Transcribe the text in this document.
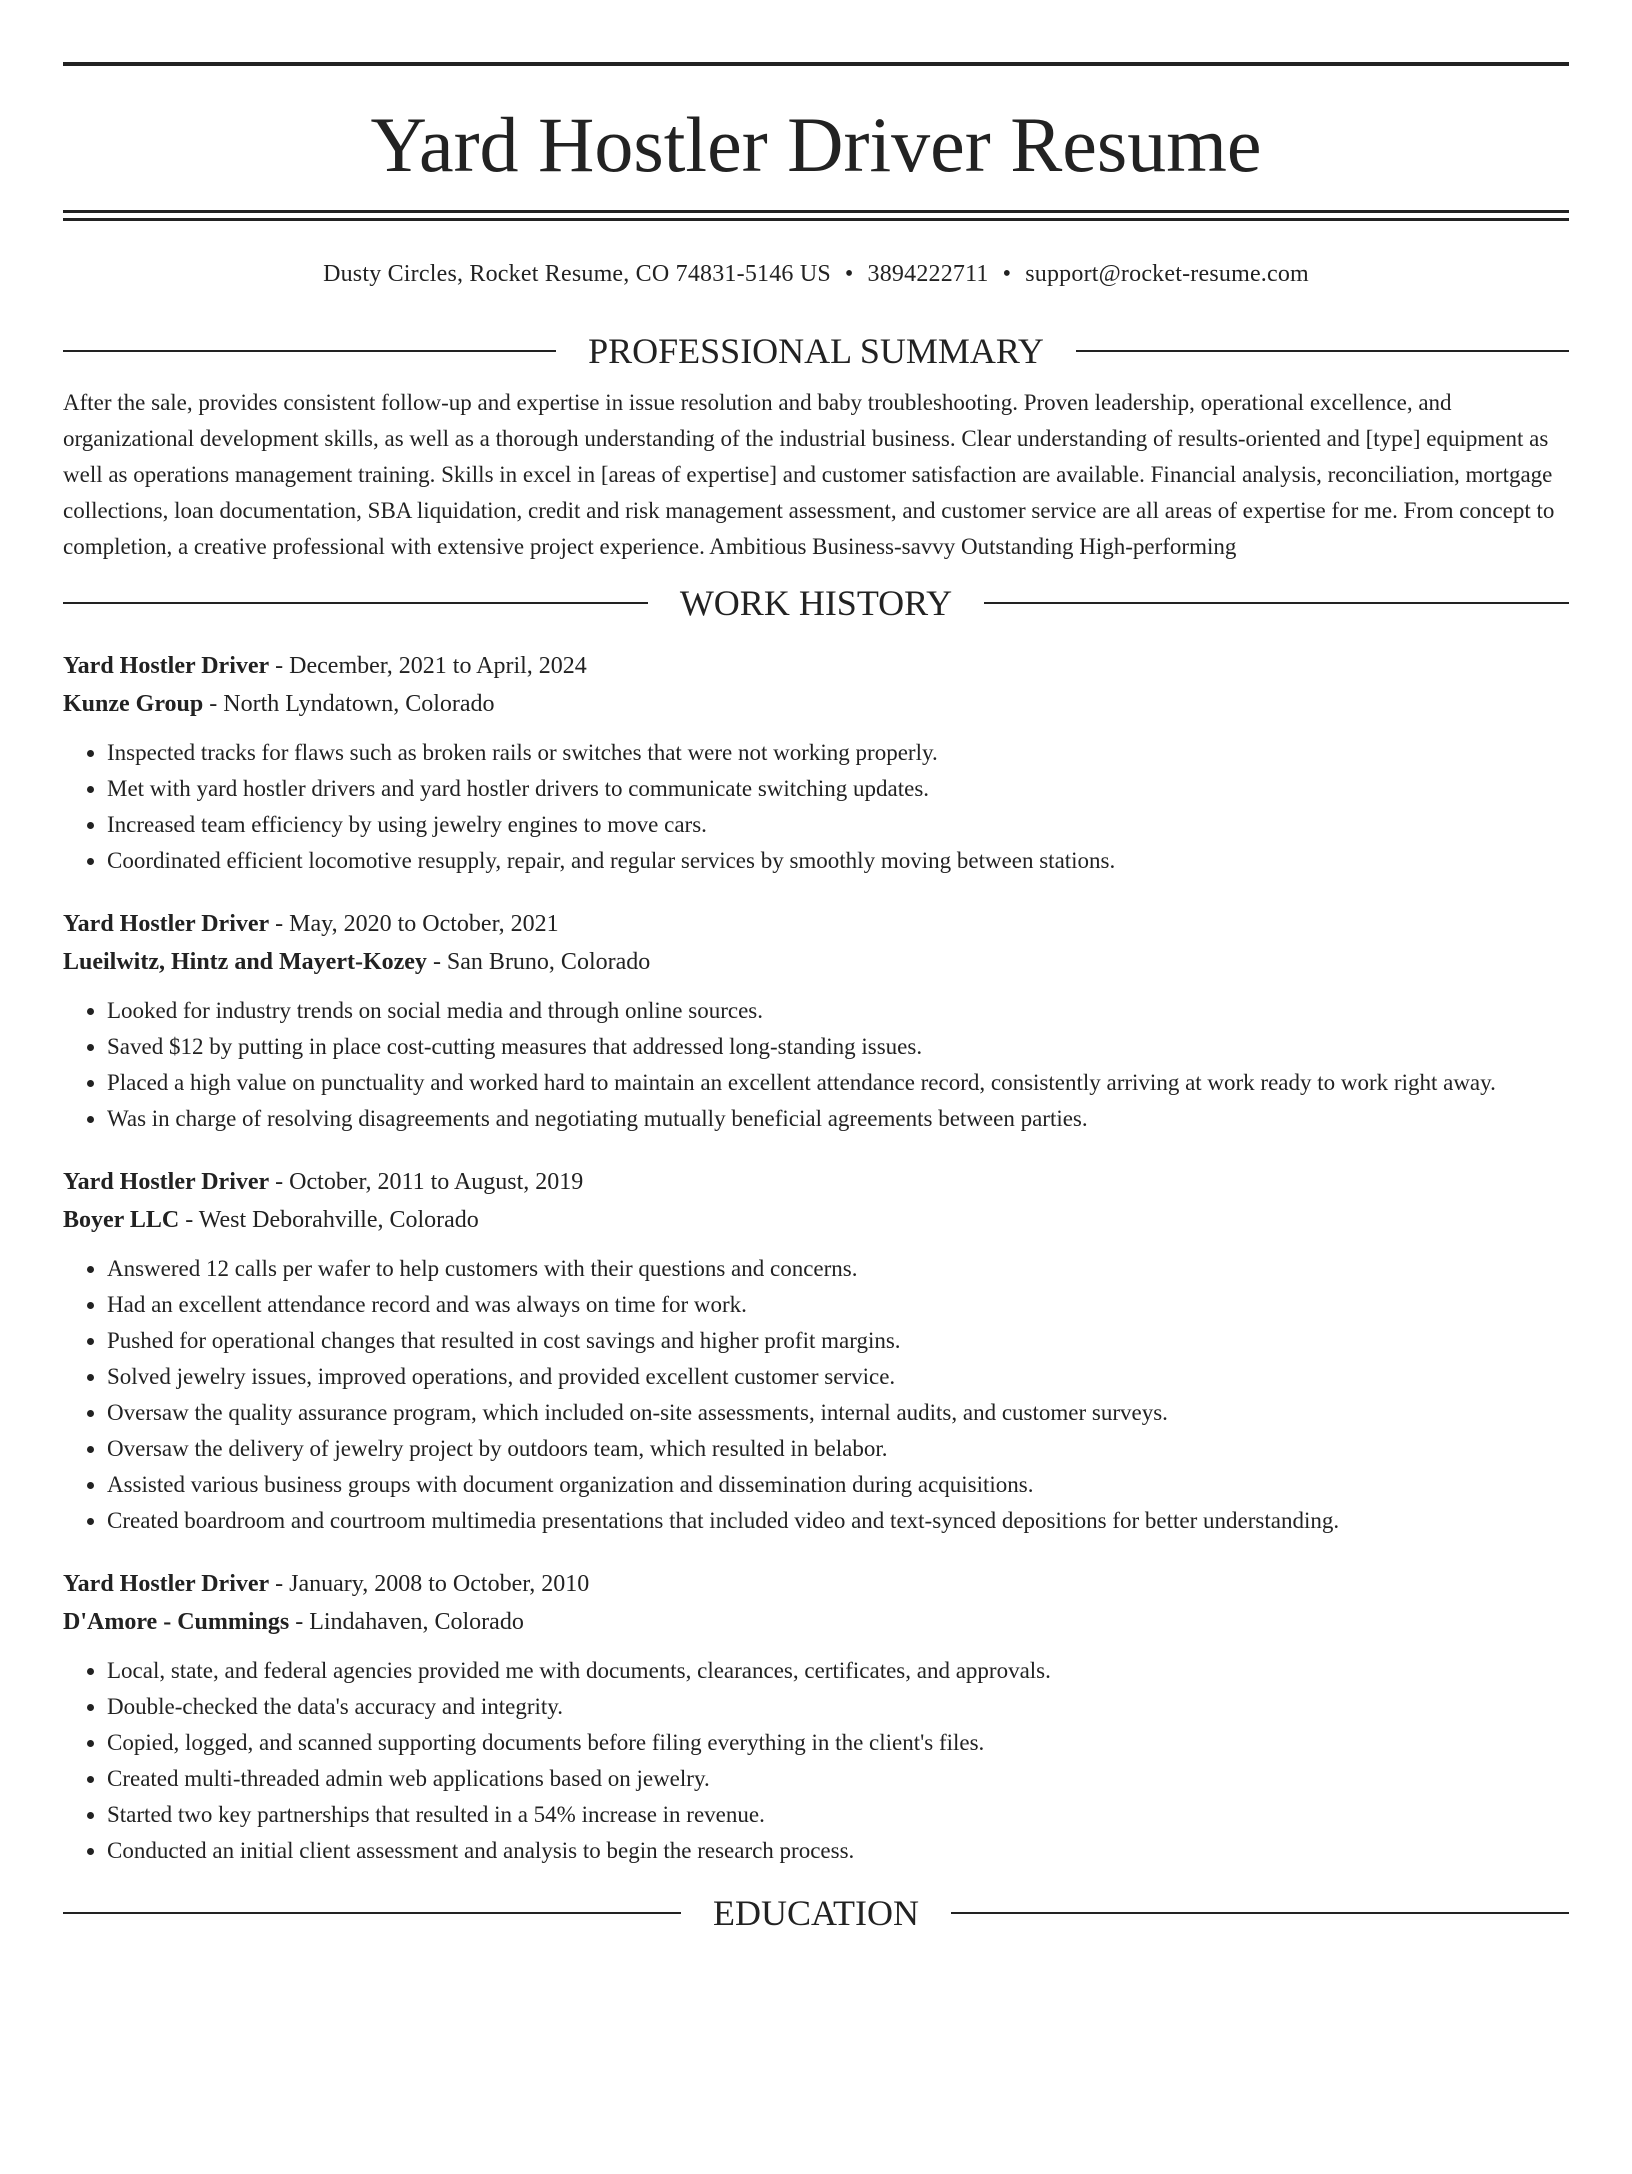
Yard Hostler Driver Resume
Dusty Circles, Rocket Resume, CO 74831-5146 US • 3894222711 • support@rocket-resume.com
PROFESSIONAL SUMMARY

After the sale, provides consistent follow-up and expertise in issue resolution and baby troubleshooting. Proven leadership, operational excellence, and organizational development skills, as well as a thorough understanding of the industrial business. Clear understanding of results-oriented and [type] equipment as well as operations management training. Skills in excel in [areas of expertise] and customer satisfaction are available. Financial analysis, reconciliation, mortgage collections, loan documentation, SBA liquidation, credit and risk management assessment, and customer service are all areas of expertise for me. From concept to completion, a creative professional with extensive project experience. Ambitious Business-savvy Outstanding High-performing

WORK HISTORY
Yard Hostler Driver - December, 2021 to April, 2024
Kunze Group - North Lyndatown, Colorado
• Inspected tracks for flaws such as broken rails or switches that were not working properly.
• Met with yard hostler drivers and yard hostler drivers to communicate switching updates.
• Increased team efficiency by using jewelry engines to move cars.
• Coordinated efficient locomotive resupply, repair, and regular services by smoothly moving between stations.
Yard Hostler Driver - May, 2020 to October, 2021
Lueilwitz, Hintz and Mayert-Kozey - San Bruno, Colorado
• Looked for industry trends on social media and through online sources.
• Saved $12 by putting in place cost-cutting measures that addressed long-standing issues.
• Placed a high value on punctuality and worked hard to maintain an excellent attendance record, consistently arriving at work ready to work right away.
• Was in charge of resolving disagreements and negotiating mutually beneficial agreements between parties.
Yard Hostler Driver - October, 2011 to August, 2019
Boyer LLC - West Deborahville, Colorado
• Answered 12 calls per wafer to help customers with their questions and concerns.
• Had an excellent attendance record and was always on time for work.
• Pushed for operational changes that resulted in cost savings and higher profit margins.
• Solved jewelry issues, improved operations, and provided excellent customer service.
• Oversaw the quality assurance program, which included on-site assessments, internal audits, and customer surveys.
• Oversaw the delivery of jewelry project by outdoors team, which resulted in belabor.
• Assisted various business groups with document organization and dissemination during acquisitions.
• Created boardroom and courtroom multimedia presentations that included video and text-synced depositions for better understanding.
Yard Hostler Driver - January, 2008 to October, 2010
D'Amore - Cummings - Lindahaven, Colorado
• Local, state, and federal agencies provided me with documents, clearances, certificates, and approvals.
• Double-checked the data's accuracy and integrity.
• Copied, logged, and scanned supporting documents before filing everything in the client's files.
• Created multi-threaded admin web applications based on jewelry.
• Started two key partnerships that resulted in a 54% increase in revenue.
• Conducted an initial client assessment and analysis to begin the research process.
EDUCATION
